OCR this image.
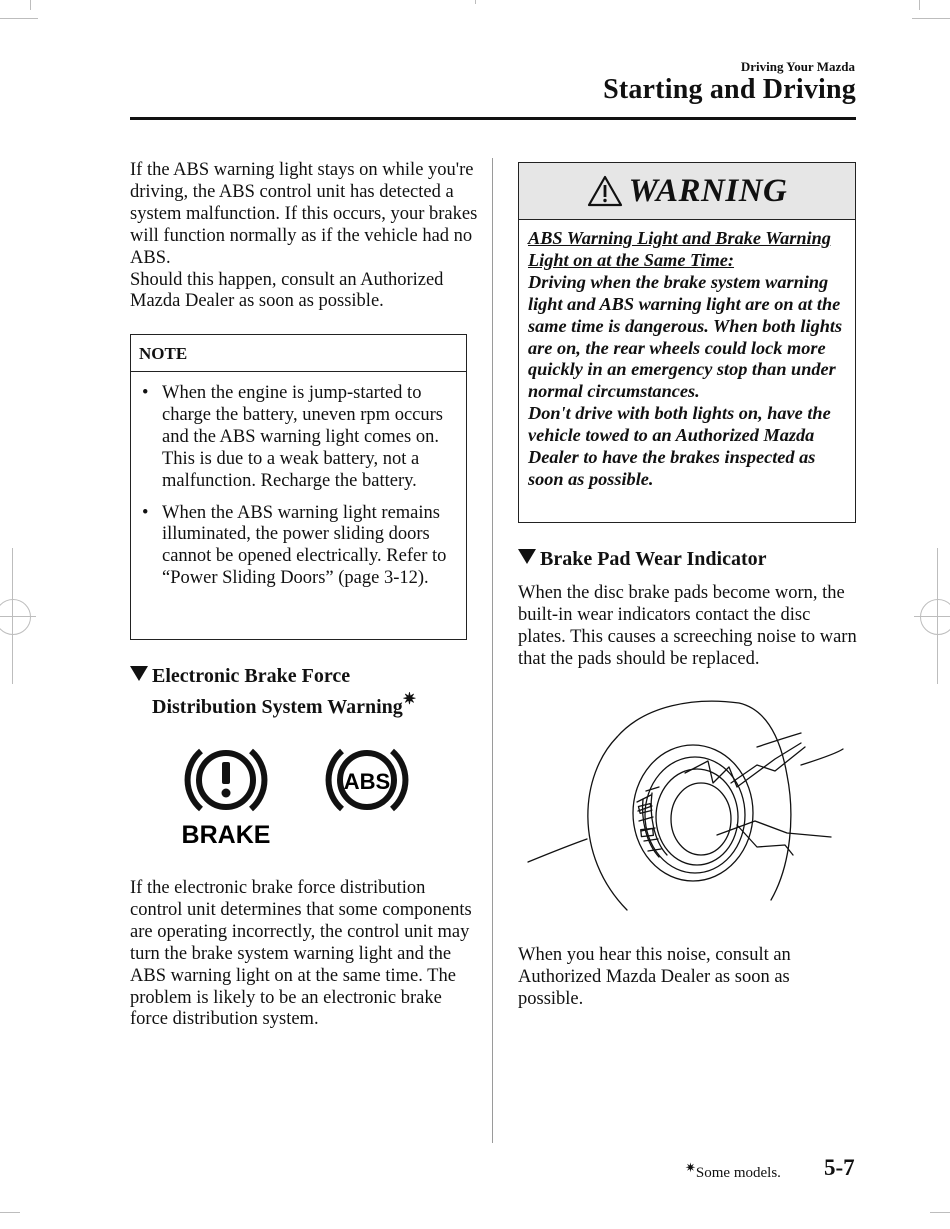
Driving Your Mazda
Starting and Driving

If the ABS warning light stays on while you're driving, the ABS control unit has detected a system malfunction. If this occurs, your brakes will function normally as if the vehicle had no ABS.

Should this happen, consult an Authorized Mazda Dealer as soon as possible.

NOTE
• When the engine is jump-started to charge the battery, uneven rpm occurs and the ABS warning light comes on. This is due to a weak battery, not a malfunction. Recharge the battery.
• When the ABS warning light remains illuminated, the power sliding doors cannot be opened electrically. Refer to “Power Sliding Doors” (page 3-12).
Electronic Brake Force
Distribution System Warning✷
BRAKE
ABS

If the electronic brake force distribution control unit determines that some components are operating incorrectly, the control unit may turn the brake system warning light and the ABS warning light on at the same time. The problem is likely to be an electronic brake force distribution system.

WARNING

ABS Warning Light and Brake Warning Light on at the Same Time:

Driving when the brake system warning light and ABS warning light are on at the same time is dangerous. When both lights are on, the rear wheels could lock more quickly in an emergency stop than under normal circumstances.

Don't drive with both lights on, have the vehicle towed to an Authorized Mazda Dealer to have the brakes inspected as soon as possible.

Brake Pad Wear Indicator

When the disc brake pads become worn, the built-in wear indicators contact the disc plates. This causes a screeching noise to warn that the pads should be replaced.

When you hear this noise, consult an Authorized Mazda Dealer as soon as possible.

✷Some models. 5-7
